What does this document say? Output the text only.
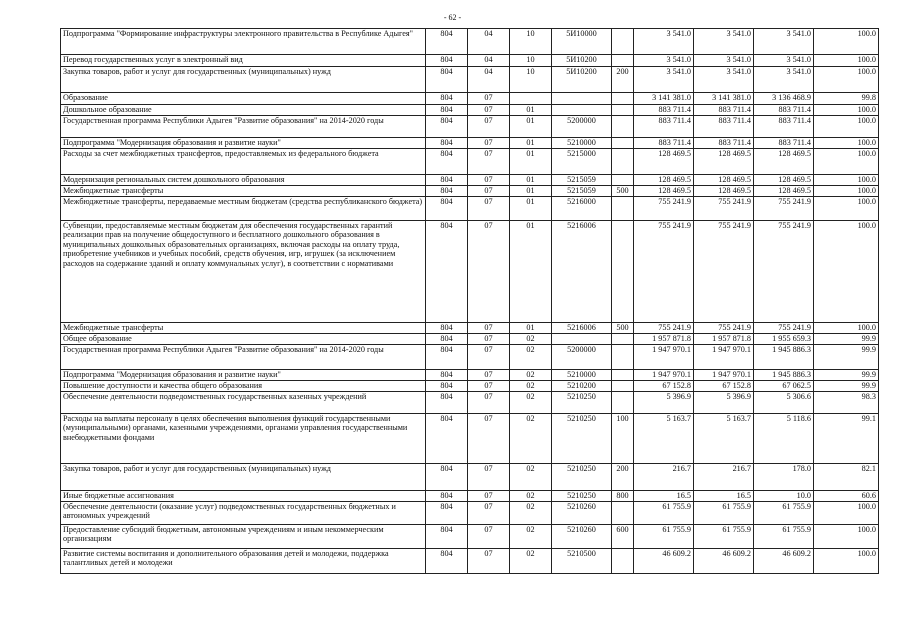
- 62 -
Подпрограмма "Формирование инфраструктуры электронного правительства в Республике Адыгея"	804	04	10	5И10000		3 541.0	3 541.0	3 541.0	100.0
Перевод государственных услуг в электронный вид	804	04	10	5И10200		3 541.0	3 541.0	3 541.0	100.0
Закупка товаров, работ и услуг для государственных (муниципальных) нужд	804	04	10	5И10200	200	3 541.0	3 541.0	3 541.0	100.0
Образование	804	07				3 141 381.0	3 141 381.0	3 136 468.9	99.8
Дошкольное образование	804	07	01			883 711.4	883 711.4	883 711.4	100.0
Государственная программа Республики Адыгея "Развитие образования" на 2014-2020 годы	804	07	01	5200000		883 711.4	883 711.4	883 711.4	100.0
Подпрограмма "Модернизация образования и развитие науки"	804	07	01	5210000		883 711.4	883 711.4	883 711.4	100.0
Расходы за счет межбюджетных трансфертов, предоставляемых из федерального бюджета	804	07	01	5215000		128 469.5	128 469.5	128 469.5	100.0
Модернизация региональных систем дошкольного образования	804	07	01	5215059		128 469.5	128 469.5	128 469.5	100.0
Межбюджетные трансферты	804	07	01	5215059	500	128 469.5	128 469.5	128 469.5	100.0
Межбюджетные трансферты, передаваемые местным бюджетам (средства республиканского бюджета)	804	07	01	5216000		755 241.9	755 241.9	755 241.9	100.0
Субвенции, предоставляемые местным бюджетам для обеспечения государственных гарантий реализации прав на получение общедоступного и бесплатного дошкольного образования в муниципальных дошкольных образовательных организациях, включая расходы на оплату труда, приобретение учебников и учебных пособий, средств обучения, игр, игрушек (за исключением расходов на содержание зданий и оплату коммунальных услуг), в соответствии с нормативами	804	07	01	5216006		755 241.9	755 241.9	755 241.9	100.0
Межбюджетные трансферты	804	07	01	5216006	500	755 241.9	755 241.9	755 241.9	100.0
Общее образование	804	07	02			1 957 871.8	1 957 871.8	1 955 659.3	99.9
Государственная программа Республики Адыгея "Развитие образования" на 2014-2020 годы	804	07	02	5200000		1 947 970.1	1 947 970.1	1 945 886.3	99.9
Подпрограмма "Модернизация образования и развитие науки"	804	07	02	5210000		1 947 970.1	1 947 970.1	1 945 886.3	99.9
Повышение доступности и качества общего образования	804	07	02	5210200		67 152.8	67 152.8	67 062.5	99.9
Обеспечение деятельности подведомственных государственных казенных учреждений	804	07	02	5210250		5 396.9	5 396.9	5 306.6	98.3
Расходы на выплаты персоналу в целях обеспечения выполнения функций государственными (муниципальными) органами, казенными учреждениями, органами управления государственными внебюджетными фондами	804	07	02	5210250	100	5 163.7	5 163.7	5 118.6	99.1
Закупка товаров, работ и услуг для государственных (муниципальных) нужд	804	07	02	5210250	200	216.7	216.7	178.0	82.1
Иные бюджетные ассигнования	804	07	02	5210250	800	16.5	16.5	10.0	60.6
Обеспечение деятельности (оказание услуг) подведомственных государственных бюджетных и автономных учреждений	804	07	02	5210260		61 755.9	61 755.9	61 755.9	100.0
Предоставление субсидий бюджетным, автономным учреждениям и иным некоммерческим организациям	804	07	02	5210260	600	61 755.9	61 755.9	61 755.9	100.0
Развитие системы воспитания и дополнительного образования детей и молодежи, поддержка талантливых детей и молодежи	804	07	02	5210500		46 609.2	46 609.2	46 609.2	100.0
